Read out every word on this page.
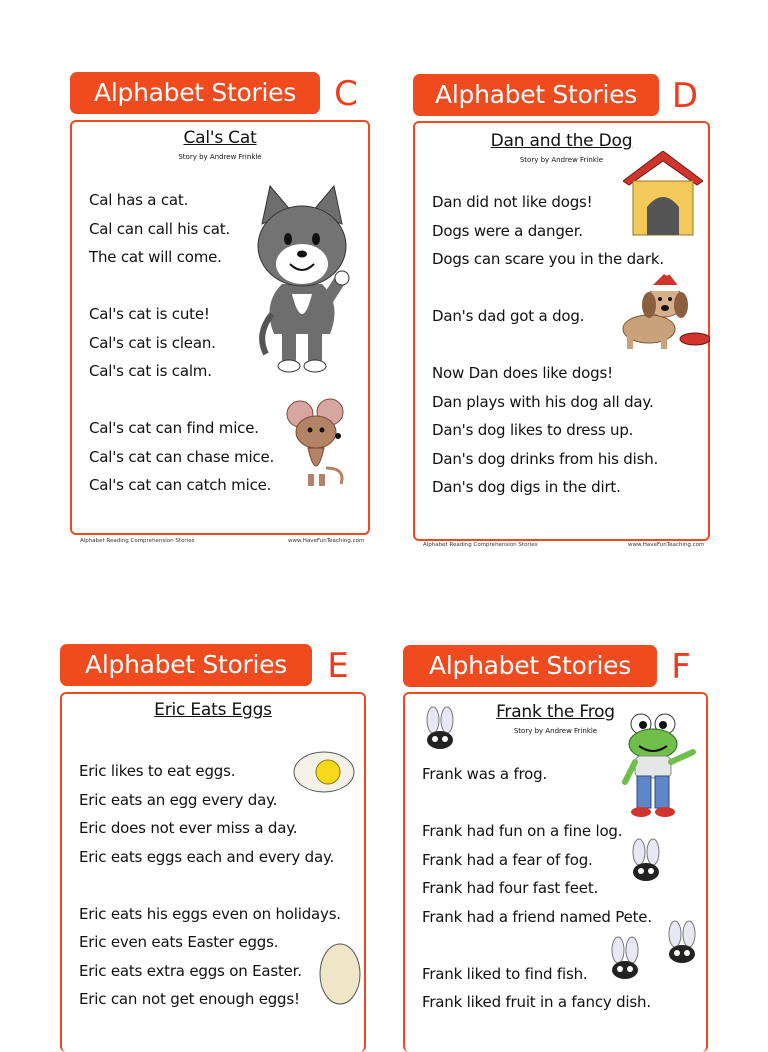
Alphabet Stories	C
Cal's Cat
Story by Andrew Frinkle
Cal has a cat.
Cal can call his cat.
The cat will come.
Cal's cat is cute!
Cal's cat is clean.
Cal's cat is calm.
Cal's cat can find mice.
Cal's cat can chase mice.
Cal's cat can catch mice.
Alphabet Reading Comprehension Stories	www.HaveFunTeaching.com
Alphabet Stories	D
Dan and the Dog
Story by Andrew Frinkle
Dan did not like dogs!
Dogs were a danger.
Dogs can scare you in the dark.
Dan's dad got a dog.
Now Dan does like dogs!
Dan plays with his dog all day.
Dan's dog likes to dress up.
Dan's dog drinks from his dish.
Dan's dog digs in the dirt.
Alphabet Reading Comprehension Stories	www.HaveFunTeaching.com
Alphabet Stories	E
Eric Eats Eggs
Eric likes to eat eggs.
Eric eats an egg every day.
Eric does not ever miss a day.
Eric eats eggs each and every day.
Eric eats his eggs even on holidays.
Eric even eats Easter eggs.
Eric eats extra eggs on Easter.
Eric can not get enough eggs!
Alphabet Stories	F
Frank the Frog
Story by Andrew Frinkle
Frank was a frog.
Frank had fun on a fine log.
Frank had a fear of fog.
Frank had four fast feet.
Frank had a friend named Pete.
Frank liked to find fish.
Frank liked fruit in a fancy dish.
